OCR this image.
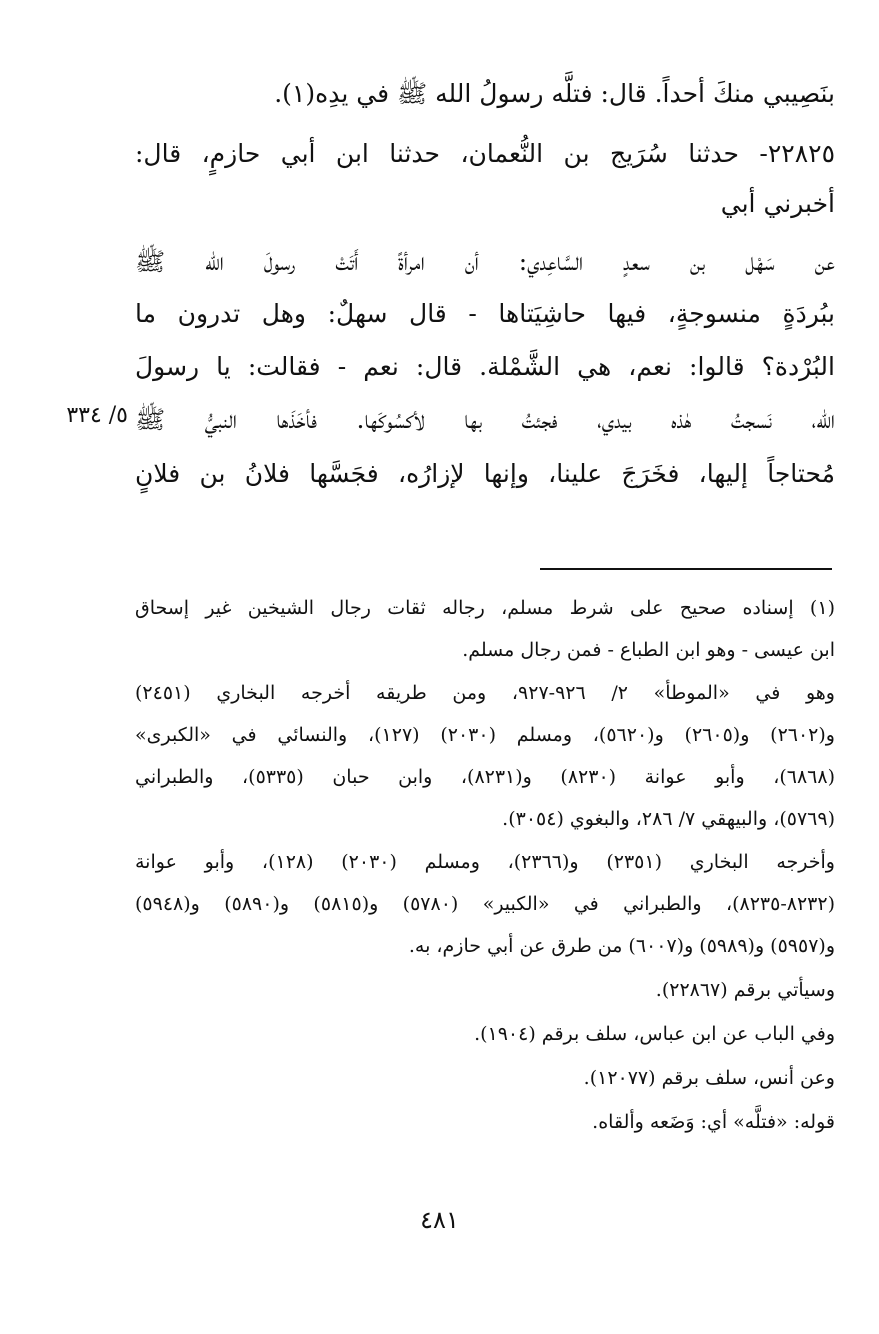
بنَصِيبي منكَ أحداً. قال: فتلَّه رسولُ الله ﷺ في يدِه(١).
٢٢٨٢٥- حدثنا سُرَيج بن النُّعمان، حدثنا ابن أبي حازمٍ، قال:
أخبرني أبي
عن سَهْل بن سعدٍ السَّاعِدي: أن امرأةً أَتَتْ رسولَ الله ﷺ
ببُردَةٍ منسوجةٍ، فيها حاشِيَتاها - قال سهلٌ: وهل تدرون ما
البُرْدة؟ قالوا: نعم، هي الشَّمْلة. قال: نعم - فقالت: يا رسولَ
الله، نَسجتُ هٰذه بيدي، فجئتُ بها لأكسُوكَها. فأخَذَها النبيُّ ﷺ
مُحتاجاً إليها، فخَرَجَ علينا، وإنها لإزارُه، فجَسَّها فلانُ بن فلانٍ
٥/ ٣٣٤
(١) إسناده صحيح على شرط مسلم، رجاله ثقات رجال الشيخين غير إسحاق
ابن عيسى - وهو ابن الطباع - فمن رجال مسلم.
وهو في «الموطأ» ٢/ ٩٢٦-٩٢٧، ومن طريقه أخرجه البخاري (٢٤٥١)
و(٢٦٠٢) و(٢٦٠٥) و(٥٦٢٠)، ومسلم (٢٠٣٠) (١٢٧)، والنسائي في «الكبرى»
(٦٨٦٨)، وأبو عوانة (٨٢٣٠) و(٨٢٣١)، وابن حبان (٥٣٣٥)، والطبراني
(٥٧٦٩)، والبيهقي ٧/ ٢٨٦، والبغوي (٣٠٥٤).
وأخرجه البخاري (٢٣٥١) و(٢٣٦٦)، ومسلم (٢٠٣٠) (١٢٨)، وأبو عوانة
(٨٢٣٢-٨٢٣٥)، والطبراني في «الكبير» (٥٧٨٠) و(٥٨١٥) و(٥٨٩٠) و(٥٩٤٨)
و(٥٩٥٧) و(٥٩٨٩) و(٦٠٠٧) من طرق عن أبي حازم، به.
وسيأتي برقم (٢٢٨٦٧).
وفي الباب عن ابن عباس، سلف برقم (١٩٠٤).
وعن أنس، سلف برقم (١٢٠٧٧).
قوله: «فتلَّه» أي: وَضَعه وألقاه.
٤٨١
